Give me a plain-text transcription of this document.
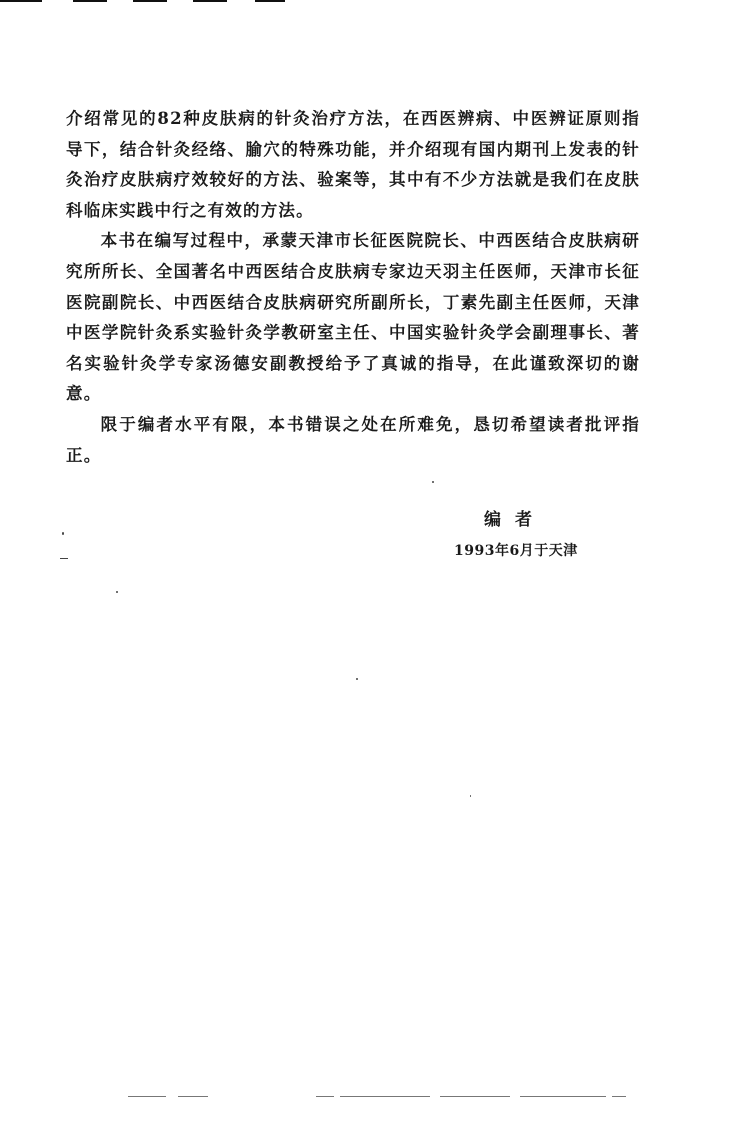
介绍常见的82种皮肤病的针灸治疗方法，在西医辨病、中医辨证原则指导下，结合针灸经络、腧穴的特殊功能，并介绍现有国内期刊上发表的针灸治疗皮肤病疗效较好的方法、验案等，其中有不少方法就是我们在皮肤科临床实践中行之有效的方法。

本书在编写过程中，承蒙天津市长征医院院长、中西医结合皮肤病研究所所长、全国著名中西医结合皮肤病专家边天羽主任医师，天津市长征医院副院长、中西医结合皮肤病研究所副所长，丁素先副主任医师，天津中医学院针灸系实验针灸学教研室主任、中国实验针灸学会副理事长、著名实验针灸学专家汤德安副教授给予了真诚的指导，在此谨致深切的谢意。

限于编者水平有限，本书错误之处在所难免，恳切希望读者批评指正。

编者
1993年6月于天津
